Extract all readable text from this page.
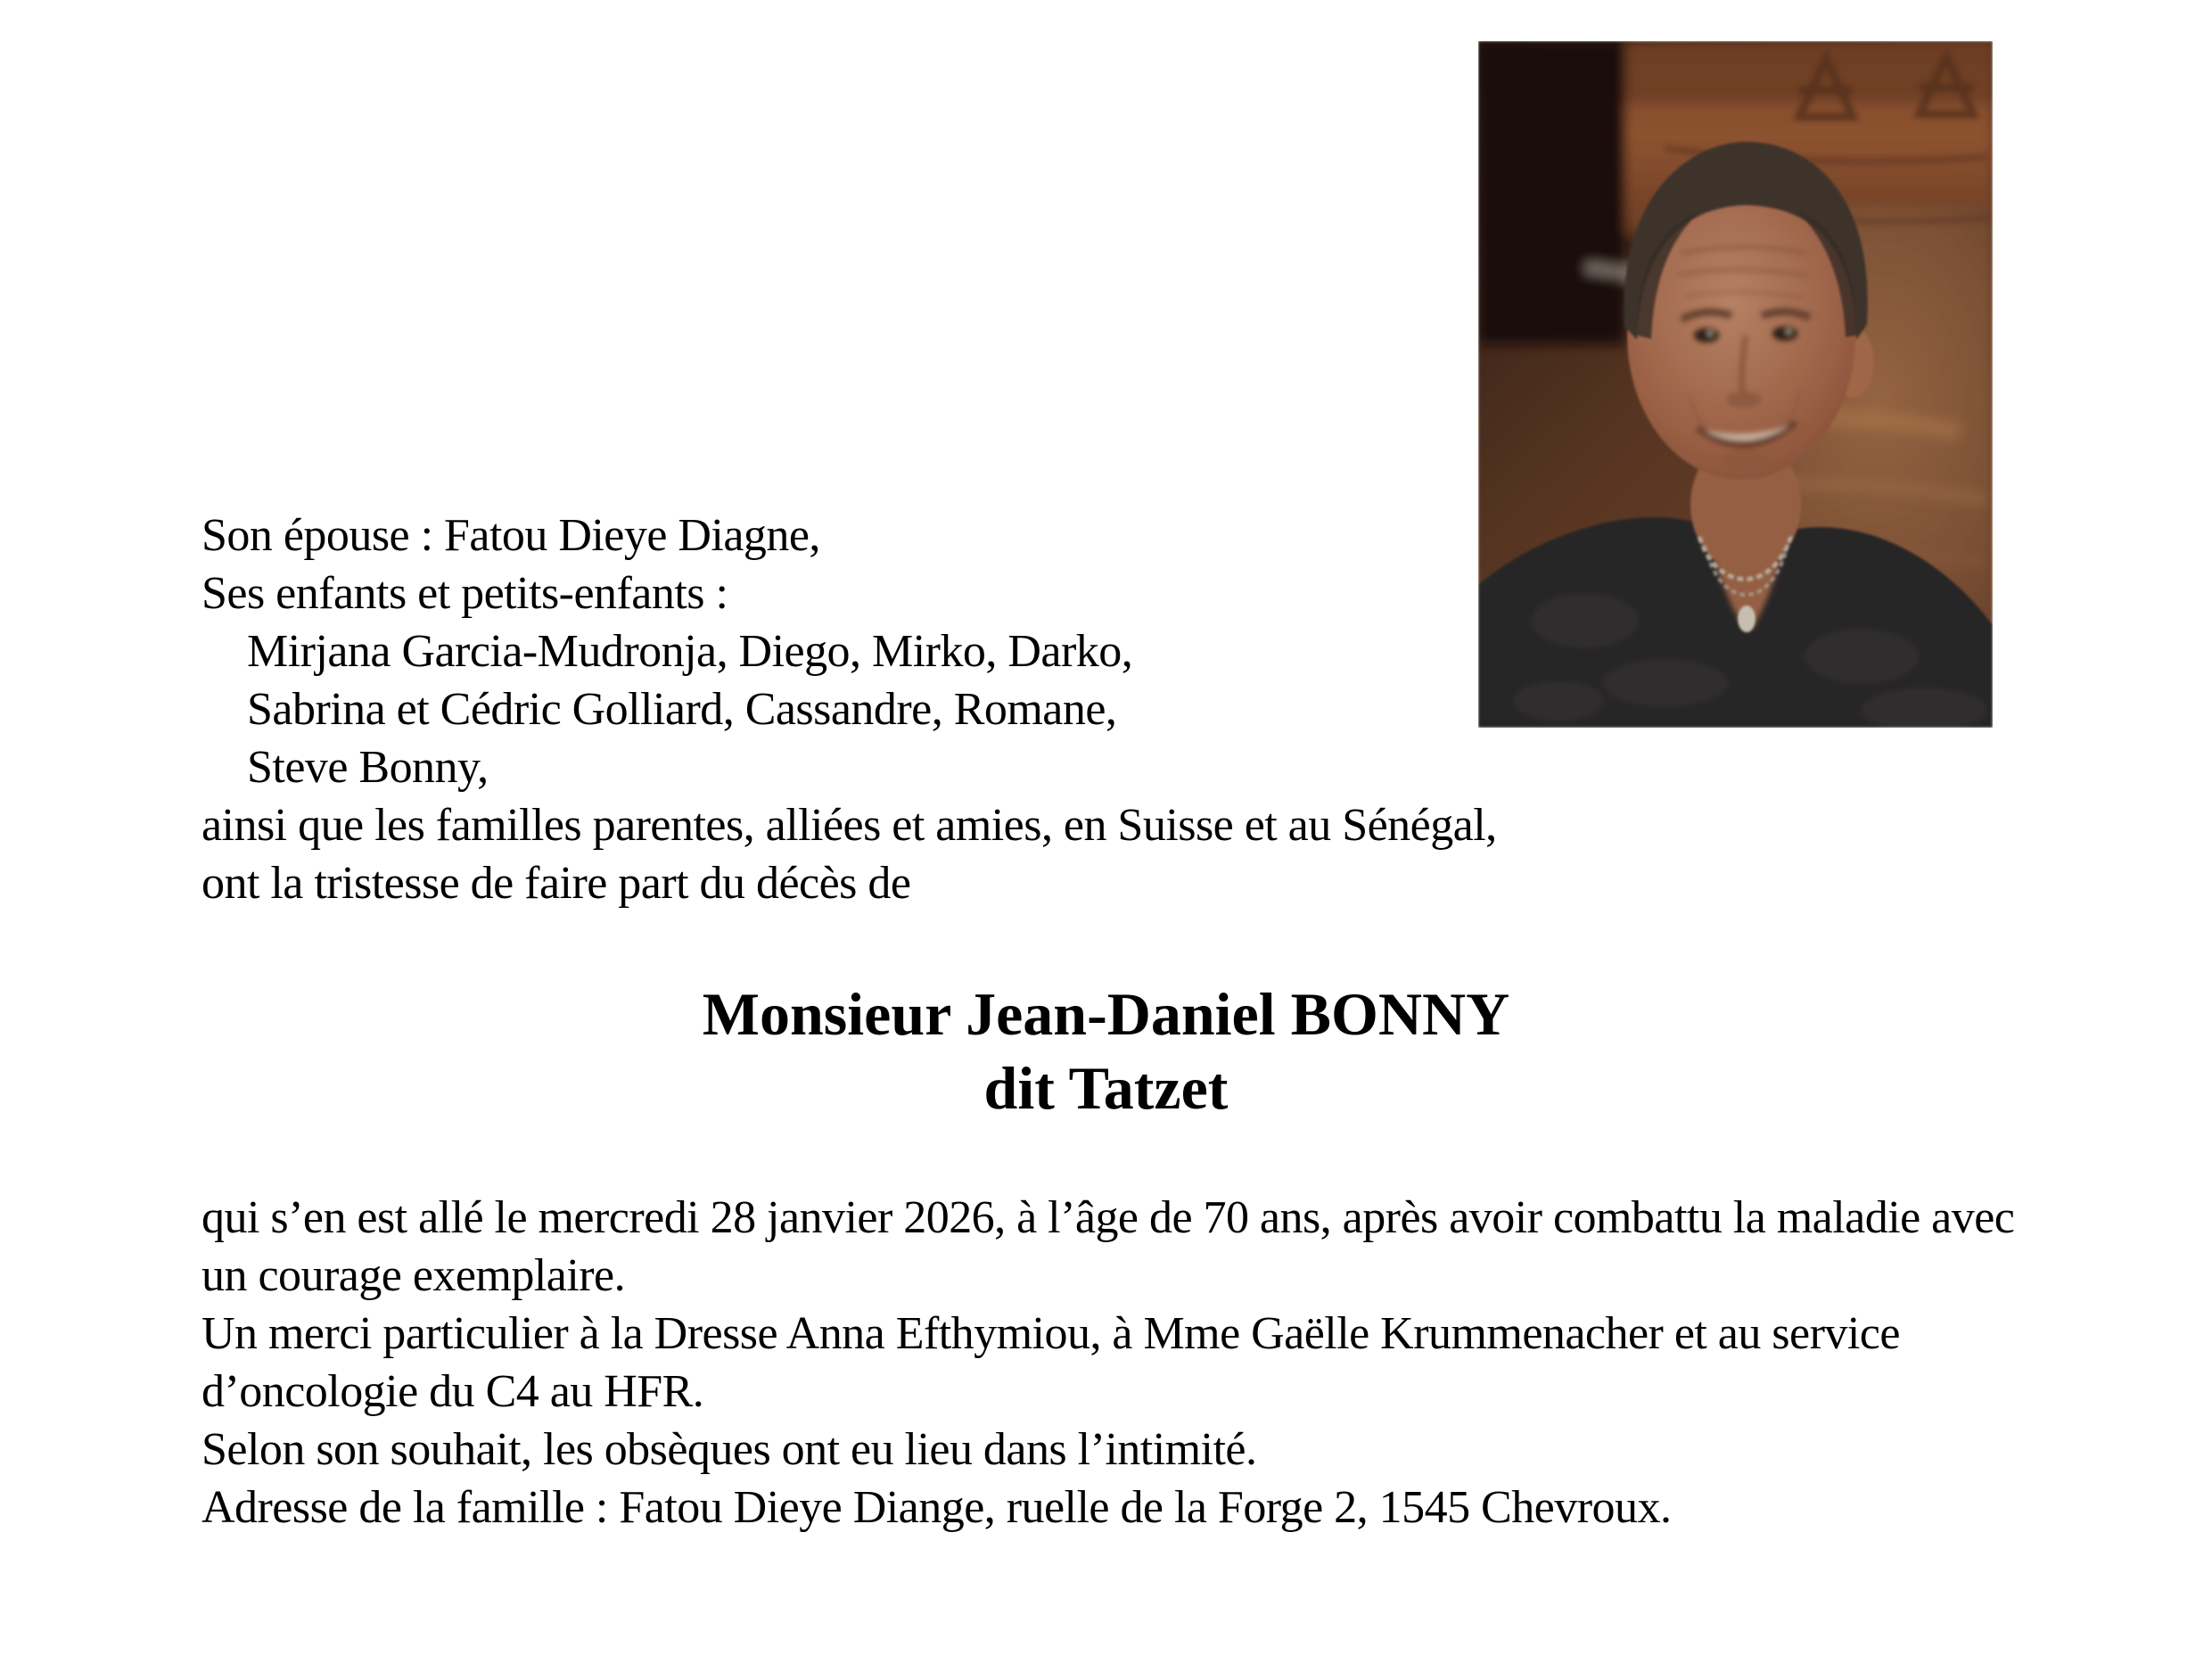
Son épouse : Fatou Dieye Diagne,
Ses enfants et petits-enfants :
Mirjana Garcia-Mudronja, Diego, Mirko, Darko,
Sabrina et Cédric Golliard, Cassandre, Romane,
Steve Bonny,
ainsi que les familles parentes, alliées et amies, en Suisse et au Sénégal,
ont la tristesse de faire part du décès de
Monsieur Jean-Daniel BONNY
dit Tatzet
qui s’en est allé le mercredi 28 janvier 2026, à l’âge de 70 ans, après avoir combattu la maladie avec
un courage exemplaire.
Un merci particulier à la Dresse Anna Efthymiou, à Mme Gaëlle Krummenacher et au service
d’oncologie du C4 au HFR.
Selon son souhait, les obsèques ont eu lieu dans l’intimité.
Adresse de la famille : Fatou Dieye Diange, ruelle de la Forge 2, 1545 Chevroux.
